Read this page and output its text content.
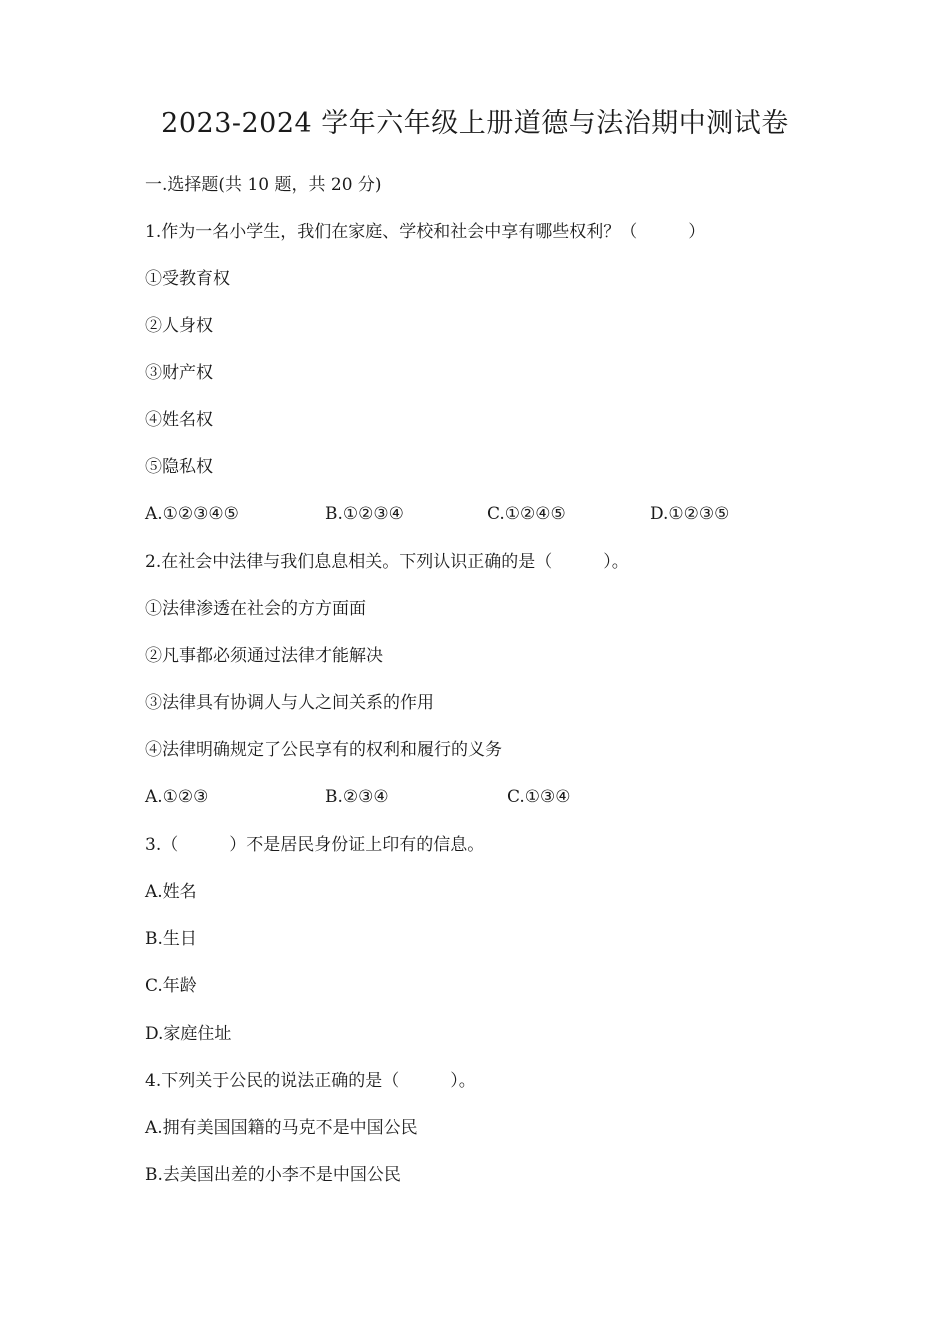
2023-2024 学年六年级上册道德与法治期中测试卷
一.选择题(共 10 题，共 20 分)
1.作为一名小学生，我们在家庭、学校和社会中享有哪些权利？（　　　）
①受教育权
②人身权
③财产权
④姓名权
⑤隐私权
A.①②③④⑤	B.①②③④	C.①②④⑤	D.①②③⑤
2.在社会中法律与我们息息相关。下列认识正确的是（　　　）。
①法律渗透在社会的方方面面
②凡事都必须通过法律才能解决
③法律具有协调人与人之间关系的作用
④法律明确规定了公民享有的权利和履行的义务
A.①②③	B.②③④	C.①③④
3.（　　　）不是居民身份证上印有的信息。
A.姓名
B.生日
C.年龄
D.家庭住址
4.下列关于公民的说法正确的是（　　　）。
A.拥有美国国籍的马克不是中国公民
B.去美国出差的小李不是中国公民
